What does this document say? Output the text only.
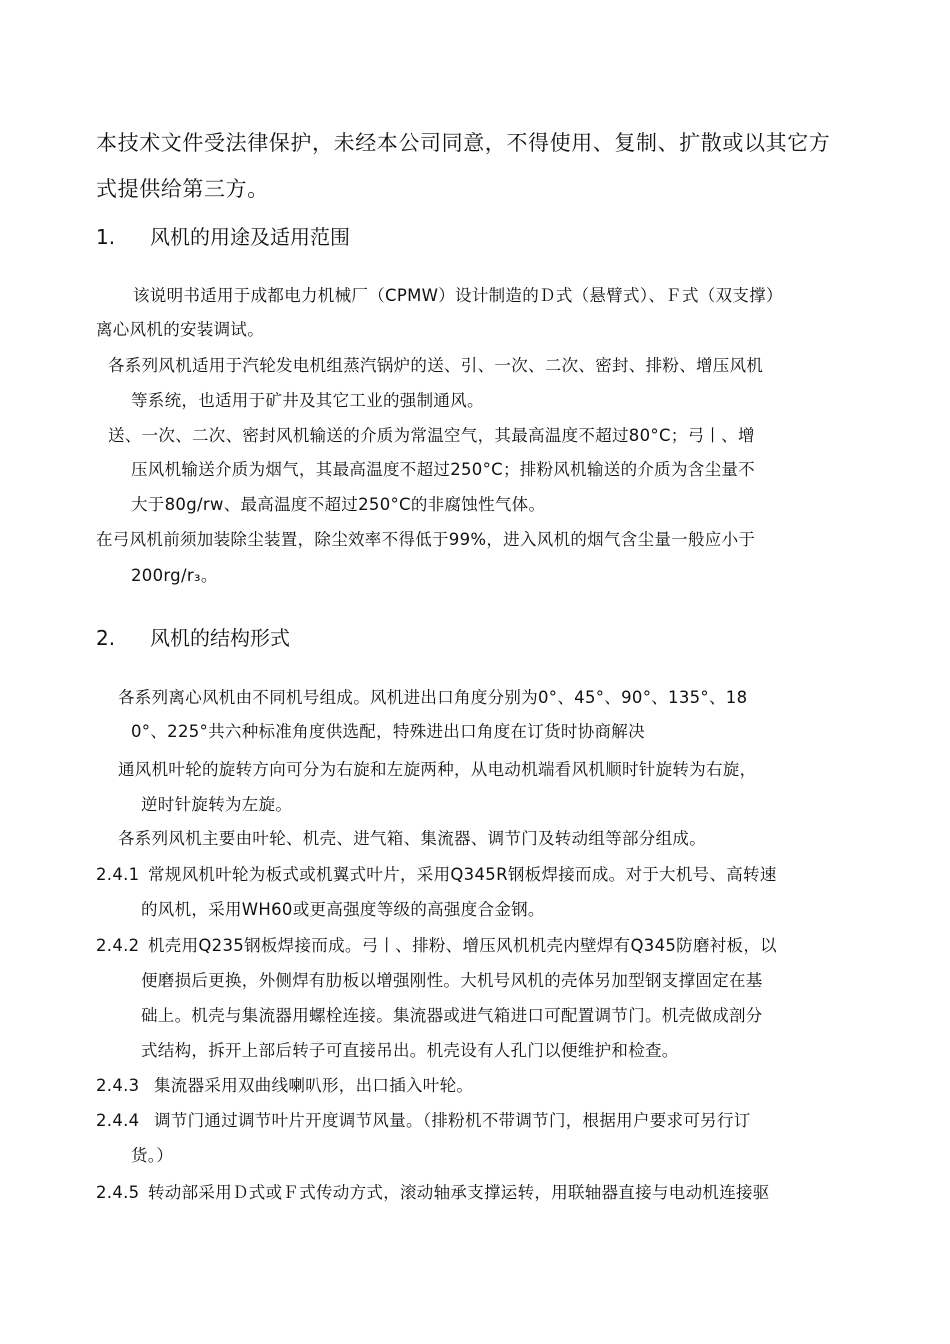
本技术文件受法律保护，未经本公司同意，不得使用、复制、扩散或以其它方
式提供给第三方。
1. 风机的用途及适用范围
该说明书适用于成都电力机械厂（CPMW）设计制造的Ｄ式（悬臂式）、Ｆ式（双支撑）
离心风机的安装调试。
各系列风机适用于汽轮发电机组蒸汽锅炉的送、引、一次、二次、密封、排粉、增压风机
等系统，也适用于矿井及其它工业的强制通风。
送、一次、二次、密封风机输送的介质为常温空气，其最高温度不超过80°C；弓丨、增
压风机输送介质为烟气，其最高温度不超过250°C；排粉风机输送的介质为含尘量不
大于80g/rw、最高温度不超过250°C的非腐蚀性气体。
在弓风机前须加装除尘装置，除尘效率不得低于99%，进入风机的烟气含尘量一般应小于
200rg/r₃。
2. 风机的结构形式
各系列离心风机由不同机号组成。风机进出口角度分别为0°、45°、90°、135°、18
0°、225°共六种标准角度供选配，特殊进出口角度在订货时协商解决
通风机叶轮的旋转方向可分为右旋和左旋两种，从电动机端看风机顺时针旋转为右旋，
逆时针旋转为左旋。
各系列风机主要由叶轮、机壳、进气箱、集流器、调节门及转动组等部分组成。
2.4.1 常规风机叶轮为板式或机翼式叶片，采用Q345R钢板焊接而成。对于大机号、高转速
的风机，采用WH60或更高强度等级的高强度合金钢。
2.4.2 机壳用Q235钢板焊接而成。弓丨、排粉、增压风机机壳内壁焊有Q345防磨衬板，以
便磨损后更换，外侧焊有肋板以增强刚性。大机号风机的壳体另加型钢支撑固定在基
础上。机壳与集流器用螺栓连接。集流器或进气箱进口可配置调节门。机壳做成剖分
式结构，拆开上部后转子可直接吊出。机壳设有人孔门以便维护和检查。
2.4.3 集流器采用双曲线喇叭形，出口插入叶轮。
2.4.4 调节门通过调节叶片开度调节风量。（排粉机不带调节门，根据用户要求可另行订
货。）
2.4.5 转动部采用Ｄ式或Ｆ式传动方式，滚动轴承支撑运转，用联轴器直接与电动机连接驱
